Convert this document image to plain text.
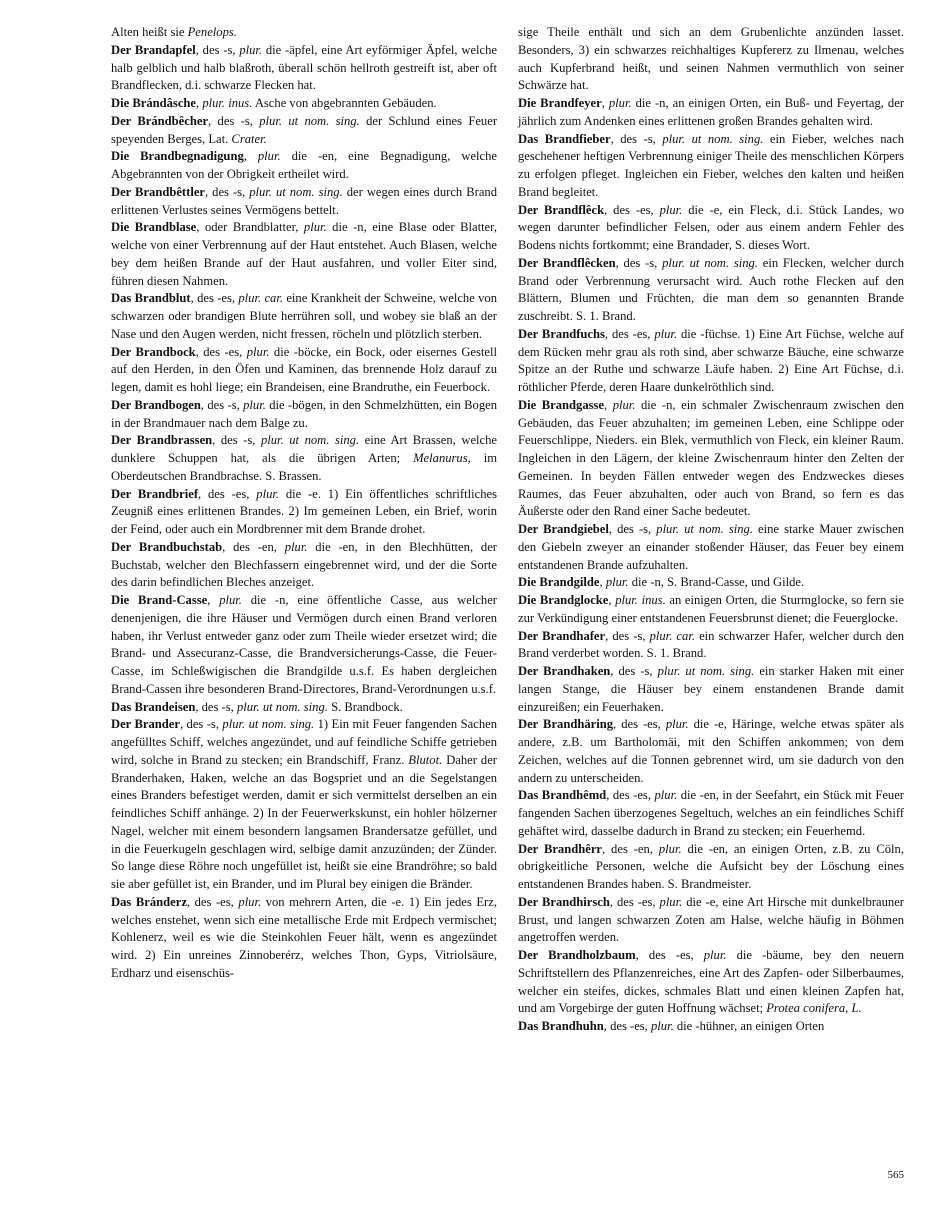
Alten heißt sie Penelops.

Der Brandapfel, des -s, plur. die -äpfel, eine Art eyförmiger Äpfel, welche halb gelblich und halb blaßroth, überall schön hellroth gestreift ist, aber oft Brandflecken, d.i. schwarze Flecken hat.

Die Brándâsche, plur. inus. Asche von abgebrannten Gebäuden.

Der Brándbêcher, des -s, plur. ut nom. sing. der Schlund eines Feuer speyenden Berges, Lat. Crater.

Die Brandbegnadigung, plur. die -en, eine Begnadigung, welche Abgebrannten von der Obrigkeit ertheilet wird.

Der Brandbêttler, des -s, plur. ut nom. sing. der wegen eines durch Brand erlittenen Verlustes seines Vermögens bettelt.

Die Brandblase, oder Brandblatter, plur. die -n, eine Blase oder Blatter, welche von einer Verbrennung auf der Haut entstehet. Auch Blasen, welche bey dem heißen Brande auf der Haut ausfahren, und voller Eiter sind, führen diesen Nahmen.

Das Brandblut, des -es, plur. car. eine Krankheit der Schweine, welche von schwarzen oder brandigen Blute herrühren soll, und wobey sie blaß an der Nase und den Augen werden, nicht fressen, röcheln und plötzlich sterben.

Der Brandbock, des -es, plur. die -böcke, ein Bock, oder eisernes Gestell auf den Herden, in den Öfen und Kaminen, das brennende Holz darauf zu legen, damit es hohl liege; ein Brandeisen, eine Brandruthe, ein Feuerbock.

Der Brandbogen, des -s, plur. die -bögen, in den Schmelzhütten, ein Bogen in der Brandmauer nach dem Balge zu.

Der Brandbrassen, des -s, plur. ut nom. sing. eine Art Brassen, welche dunklere Schuppen hat, als die übrigen Arten; Melanurus, im Oberdeutschen Brandbrachse. S. Brassen.

Der Brandbrief, des -es, plur. die -e. 1) Ein öffentliches schriftliches Zeugniß eines erlittenen Brandes. 2) Im gemeinen Leben, ein Brief, worin der Feind, oder auch ein Mordbrenner mit dem Brande drohet.

Der Brandbuchstab, des -en, plur. die -en, in den Blechhütten, der Buchstab, welcher den Blechfassern eingebrennet wird, und der die Sorte des darin befindlichen Bleches anzeiget.

Die Brand-Casse, plur. die -n, eine öffentliche Casse, aus welcher denenjenigen, die ihre Häuser und Vermögen durch einen Brand verloren haben, ihr Verlust entweder ganz oder zum Theile wieder ersetzet wird; die Brand- und Assecuranz-Casse, die Brandversicherungs-Casse, die Feuer-Casse, im Schleßwigischen die Brandgilde u.s.f. Es haben dergleichen Brand-Cassen ihre besonderen Brand-Directores, Brand-Verordnungen u.s.f.

Das Brandeisen, des -s, plur. ut nom. sing. S. Brandbock.

Der Brander, des -s, plur. ut nom. sing. 1) Ein mit Feuer fangenden Sachen angefülltes Schiff, welches angezündet, und auf feindliche Schiffe getrieben wird, solche in Brand zu stecken; ein Brandschiff, Franz. Blutot. Daher der Branderhaken, Haken, welche an das Bogspriet und an die Segelstangen eines Branders befestiget werden, damit er sich vermittelst derselben an ein feindliches Schiff anhänge. 2) In der Feuerwerkskunst, ein hohler hölzerner Nagel, welcher mit einem besondern langsamen Brandersatze gefüllet, und in die Feuerkugeln geschlagen wird, selbige damit anzuzünden; der Zünder. So lange diese Röhre noch ungefüllet ist, heißt sie eine Brandröhre; so bald sie aber gefüllet ist, ein Brander, und im Plural bey einigen die Bränder.

Das Bránderz, des -es, plur. von mehrern Arten, die -e. 1) Ein jedes Erz, welches enstehet, wenn sich eine metallische Erde mit Erdpech vermischet; Kohlenerz, weil es wie die Steinkohlen Feuer hält, wenn es angezündet wird. 2) Ein unreines Zinnoberérz, welches Thon, Gyps, Vitriolsäure, Erdharz und eisenschüs-

sige Theile enthält und sich an dem Grubenlichte anzünden lasset. Besonders, 3) ein schwarzes reichhaltiges Kupfererz zu Ilmenau, welches auch Kupferbrand heißt, und seinen Nahmen vermuthlich von seiner Schwärze hat.

Die Brandfeyer, plur. die -n, an einigen Orten, ein Buß- und Feyertag, der jährlich zum Andenken eines erlittenen großen Brandes gehalten wird.

Das Brandfieber, des -s, plur. ut nom. sing. ein Fieber, welches nach geschehener heftigen Verbrennung einiger Theile des menschlichen Körpers zu erfolgen pfleget. Ingleichen ein Fieber, welches den kalten und heißen Brand begleitet.

Der Brandflêck, des -es, plur. die -e, ein Fleck, d.i. Stück Landes, wo wegen darunter befindlicher Felsen, oder aus einem andern Fehler des Bodens nichts fortkommt; eine Brandader, S. dieses Wort.

Der Brandflêcken, des -s, plur. ut nom. sing. ein Flecken, welcher durch Brand oder Verbrennung verursacht wird. Auch rothe Flecken auf den Blättern, Blumen und Früchten, die man dem so genannten Brande zuschreibt. S. 1. Brand.

Der Brandfuchs, des -es, plur. die -füchse. 1) Eine Art Füchse, welche auf dem Rücken mehr grau als roth sind, aber schwarze Bäuche, eine schwarze Spitze an der Ruthe und schwarze Läufe haben. 2) Eine Art Füchse, d.i. röthlicher Pferde, deren Haare dunkelröthlich sind.

Die Brandgasse, plur. die -n, ein schmaler Zwischenraum zwischen den Gebäuden, das Feuer abzuhalten; im gemeinen Leben, eine Schlippe oder Feuerschlippe, Nieders. ein Blek, vermuthlich von Fleck, ein kleiner Raum. Ingleichen in den Lägern, der kleine Zwischenraum hinter den Zelten der Gemeinen. In beyden Fällen entweder wegen des Endzweckes dieses Raumes, das Feuer abzuhalten, oder auch von Brand, so fern es das Äußerste oder den Rand einer Sache bedeutet.

Der Brandgiebel, des -s, plur. ut nom. sing. eine starke Mauer zwischen den Giebeln zweyer an einander stoßender Häuser, das Feuer bey einem entstandenen Brande aufzuhalten.

Die Brandgilde, plur. die -n, S. Brand-Casse, und Gilde.

Die Brandglocke, plur. inus. an einigen Orten, die Sturmglocke, so fern sie zur Verkündigung einer entstandenen Feuersbrunst dienet; die Feuerglocke.

Der Brandhafer, des -s, plur. car. ein schwarzer Hafer, welcher durch den Brand verderbet worden. S. 1. Brand.

Der Brandhaken, des -s, plur. ut nom. sing. ein starker Haken mit einer langen Stange, die Häuser bey einem enstandenen Brande damit einzureißen; ein Feuerhaken.

Der Brandhäring, des -es, plur. die -e, Häringe, welche etwas später als andere, z.B. um Bartholomäi, mit den Schiffen ankommen; von dem Zeichen, welches auf die Tonnen gebrennet wird, um sie dadurch von den andern zu unterscheiden.

Das Brandhêmd, des -es, plur. die -en, in der Seefahrt, ein Stück mit Feuer fangenden Sachen überzogenes Segeltuch, welches an ein feindliches Schiff gehäftet wird, dasselbe dadurch in Brand zu stecken; ein Feuerhemd.

Der Brandhêrr, des -en, plur. die -en, an einigen Orten, z.B. zu Cöln, obrigkeitliche Personen, welche die Aufsicht bey der Löschung eines entstandenen Brandes haben. S. Brandmeister.

Der Brandhirsch, des -es, plur. die -e, eine Art Hirsche mit dunkelbrauner Brust, und langen schwarzen Zoten am Halse, welche häufig in Böhmen angetroffen werden.

Der Brandholzbaum, des -es, plur. die -bäume, bey den neuern Schriftstellern des Pflanzenreiches, eine Art des Zapfen- oder Silberbaumes, welcher ein steifes, dickes, schmales Blatt und einen kleinen Zapfen hat, und am Vorgebirge der guten Hoffnung wächset; Protea conifera, L.

Das Brandhuhn, des -es, plur. die -hühner, an einigen Orten

565
